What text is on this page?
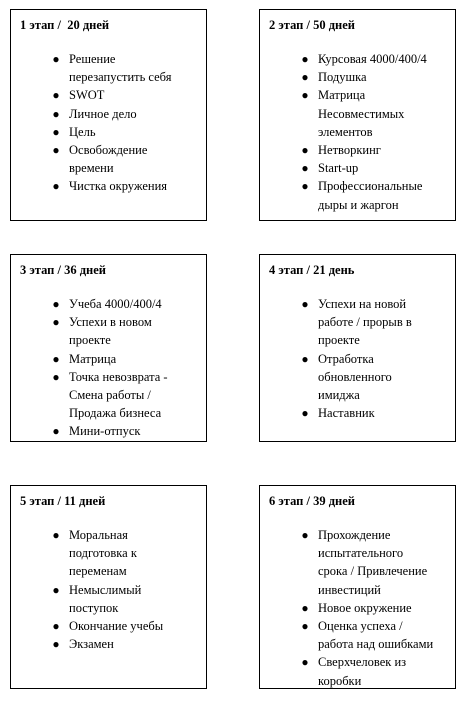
1 этап /  20 дней
● Решение
перезапустить себя
● SWOT
● Личное дело
● Цель
● Освобождение
времени
● Чистка окружения
2 этап / 50 дней
● Курсовая 4000/400/4
● Подушка
● Матрица
Несовместимых
элементов
● Нетворкинг
● Start-up
● Профессиональные
дыры и жаргон
3 этап / 36 дней
● Учеба 4000/400/4
● Успехи в новом
проекте
● Матрица
● Точка невозврата -
Смена работы /
Продажа бизнеса
● Мини-отпуск
4 этап / 21 день
● Успехи на новой
работе / прорыв в
проекте
● Отработка
обновленного
имиджа
● Наставник
5 этап / 11 дней
● Моральная
подготовка к
переменам
● Немыслимый
поступок
● Окончание учебы
● Экзамен
6 этап / 39 дней
● Прохождение
испытательного
срока / Привлечение
инвестиций
● Новое окружение
● Оценка успеха /
работа над ошибками
● Сверхчеловек из
коробки
